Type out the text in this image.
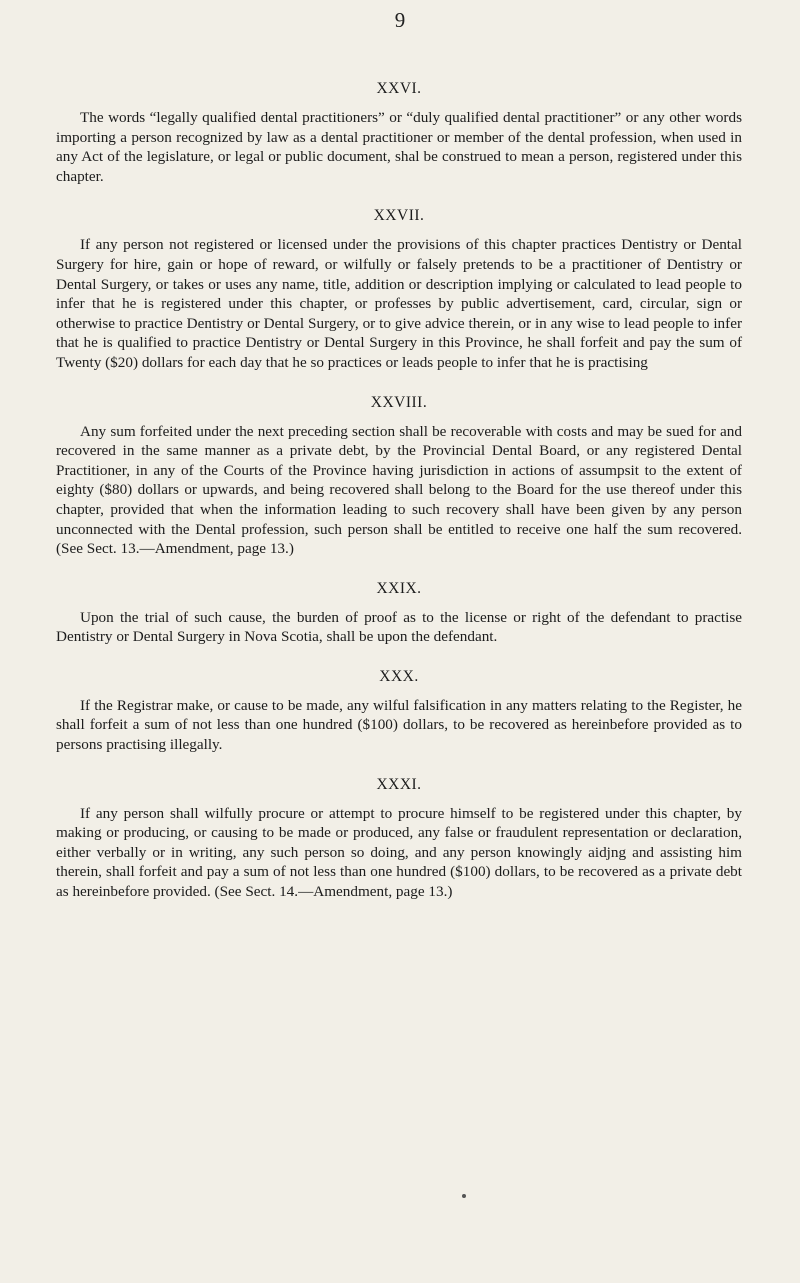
9
XXVI.

The words “legally qualified dental practitioners” or “duly qualified dental practitioner” or any other words importing a person recognized by law as a dental practitioner or member of the dental profession, when used in any Act of the legislature, or legal or public document, shal be construed to mean a person, registered under this chapter.

XXVII.

If any person not registered or licensed under the provisions of this chapter practices Dentistry or Dental Surgery for hire, gain or hope of reward, or wilfully or falsely pretends to be a practitioner of Dentistry or Dental Surgery, or takes or uses any name, title, addition or description implying or calculated to lead people to infer that he is registered under this chapter, or professes by public advertisement, card, circular, sign or otherwise to practice Dentistry or Dental Surgery, or to give advice therein, or in any wise to lead people to infer that he is qualified to practice Dentistry or Dental Surgery in this Province, he shall forfeit and pay the sum of Twenty ($20) dollars for each day that he so practices or leads people to infer that he is practising

XXVIII.

Any sum forfeited under the next preceding section shall be recoverable with costs and may be sued for and recovered in the same manner as a private debt, by the Provincial Dental Board, or any registered Dental Practitioner, in any of the Courts of the Province having jurisdiction in actions of assumpsit to the extent of eighty ($80) dollars or upwards, and being recovered shall belong to the Board for the use thereof under this chapter, provided that when the information leading to such recovery shall have been given by any person unconnected with the Dental profession, such person shall be entitled to receive one half the sum recovered. (See Sect. 13.—Amendment, page 13.)

XXIX.

Upon the trial of such cause, the burden of proof as to the license or right of the defendant to practise Dentistry or Dental Surgery in Nova Scotia, shall be upon the defendant.

XXX.

If the Registrar make, or cause to be made, any wilful falsification in any matters relating to the Register, he shall forfeit a sum of not less than one hundred ($100) dollars, to be recovered as hereinbefore provided as to persons practising illegally.

XXXI.

If any person shall wilfully procure or attempt to procure himself to be registered under this chapter, by making or producing, or causing to be made or produced, any false or fraudulent representation or declaration, either verbally or in writing, any such person so doing, and any person knowingly aidjng and assisting him therein, shall forfeit and pay a sum of not less than one hundred ($100) dollars, to be recovered as a private debt as hereinbefore provided. (See Sect. 14.—Amendment, page 13.)
